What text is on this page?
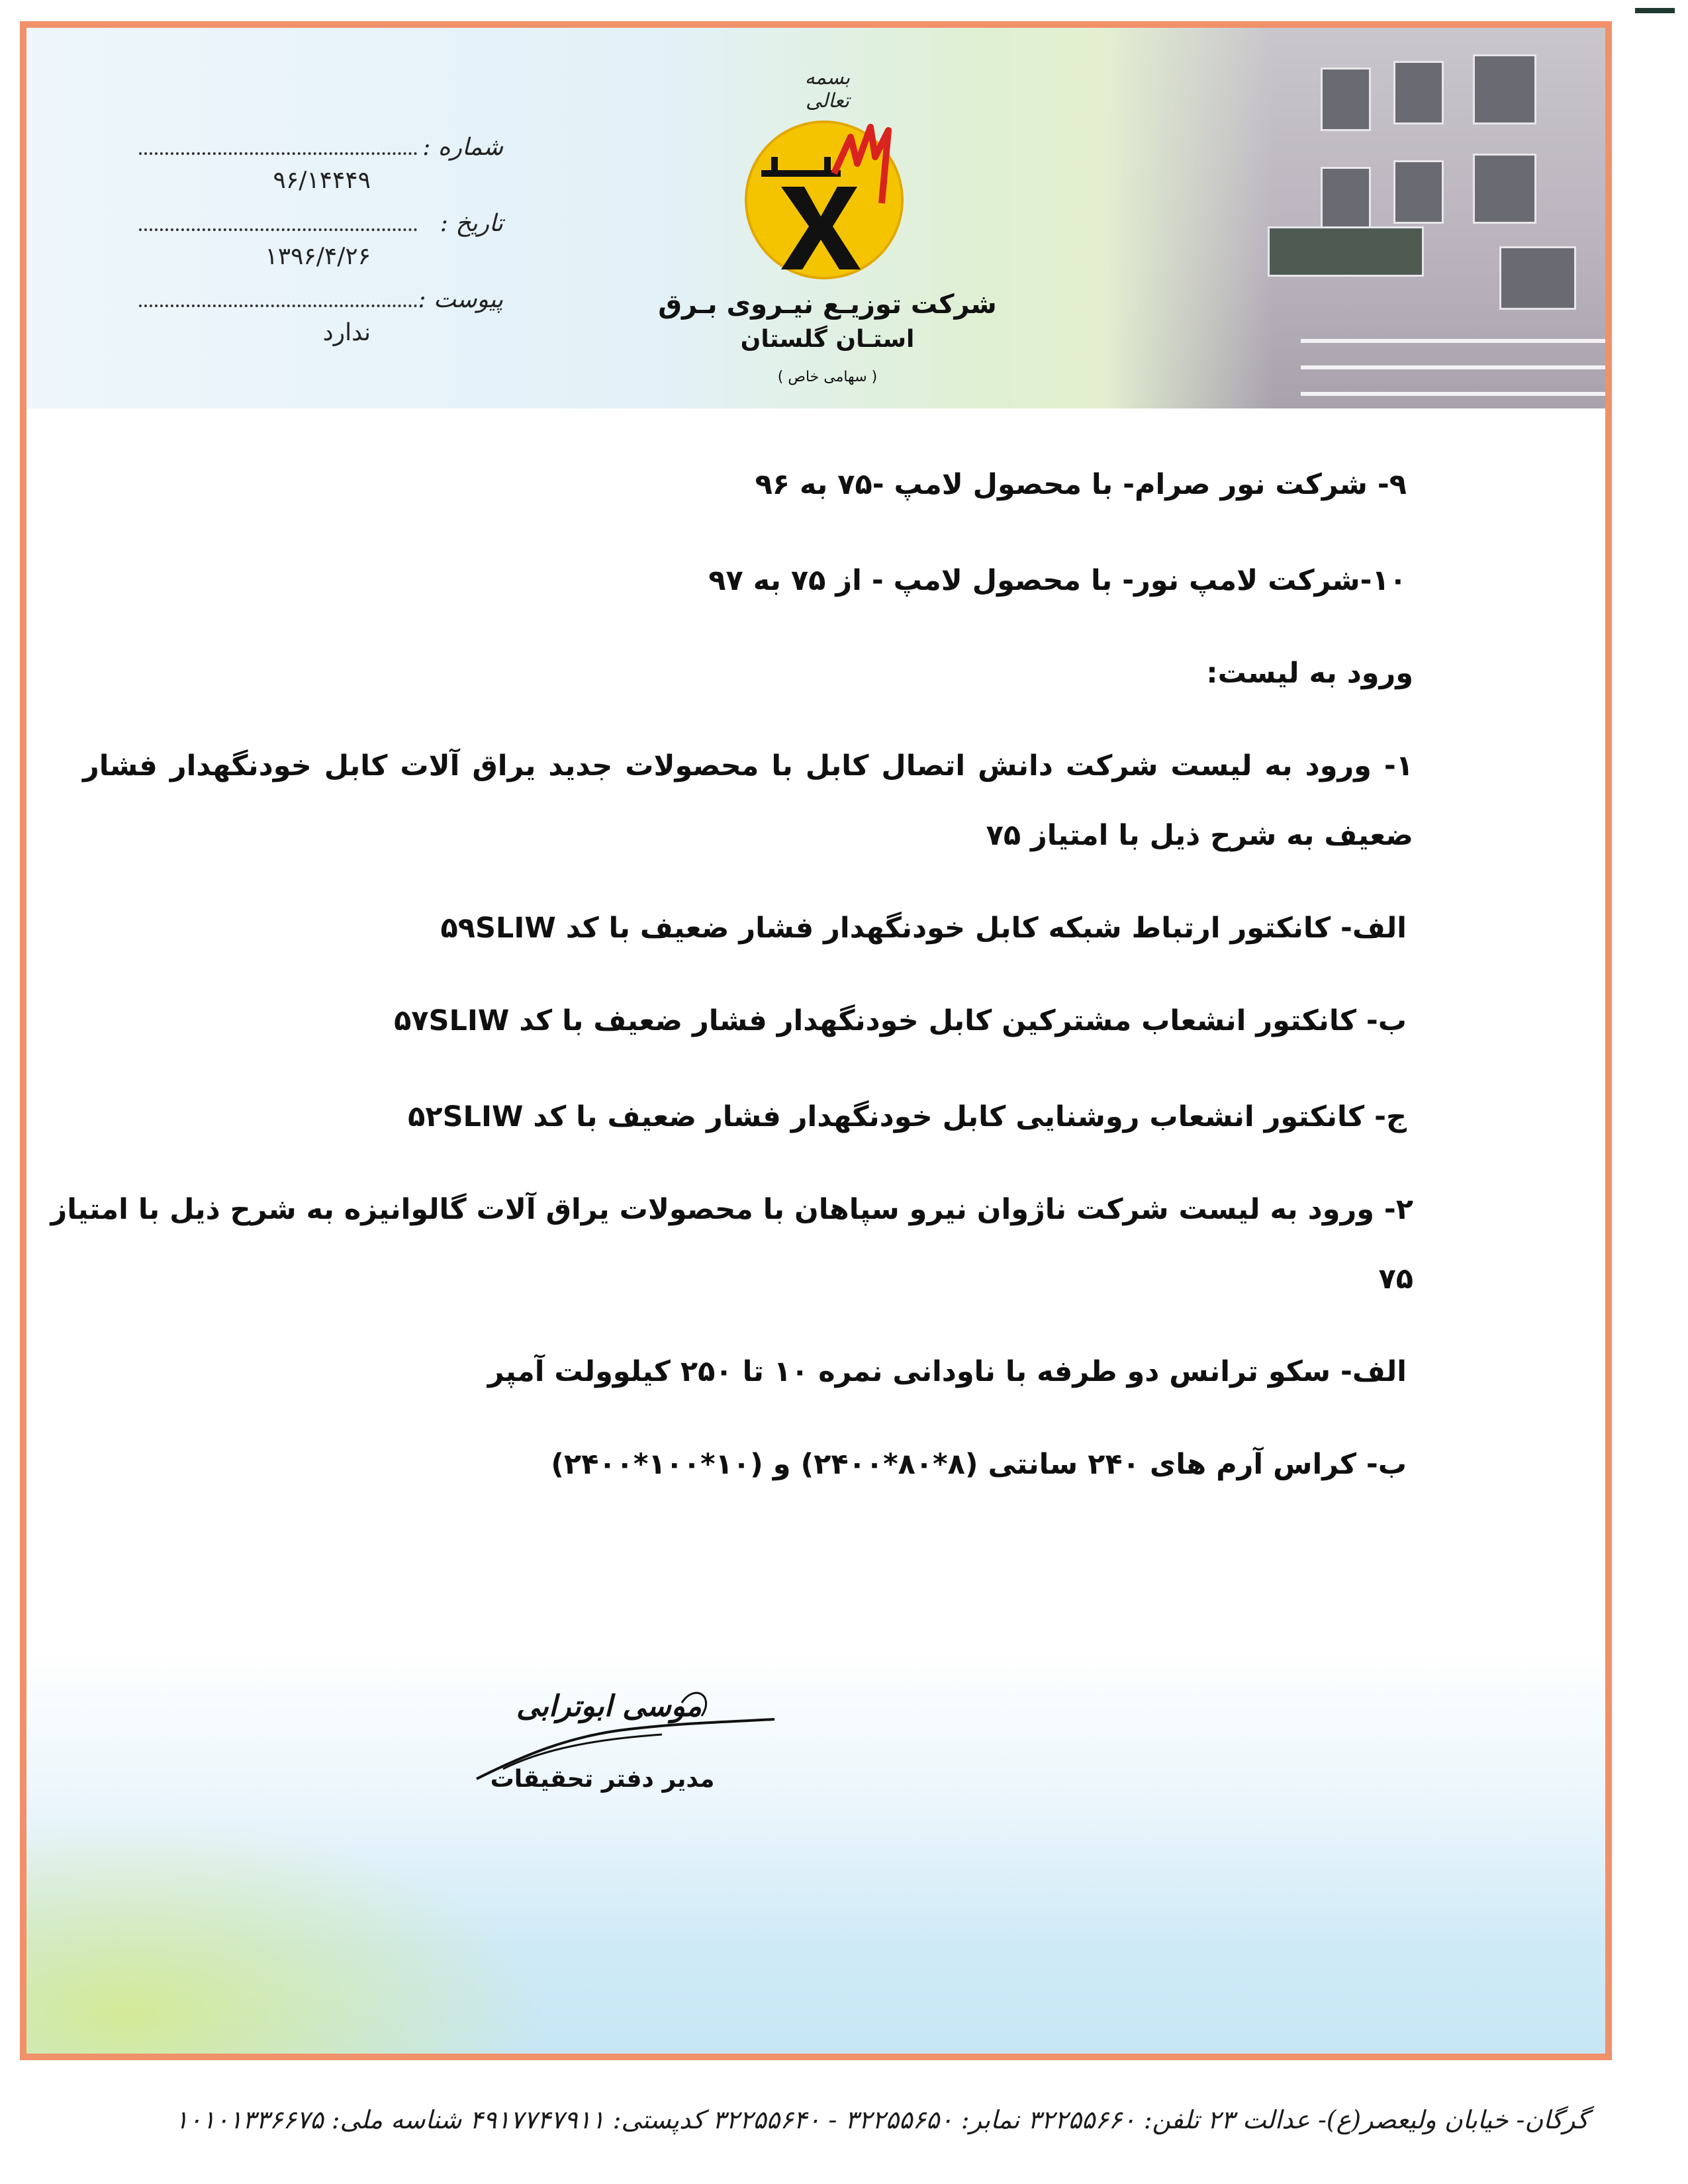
بسمه تعالی
شرکت توزیـع نیـروی بـرق
استـان گلستان
( سهامی خاص )
شماره :
۹۶/۱۴۴۴۹
تاریخ :
۱۳۹۶/۴/۲۶
پیوست :
ندارد
۹- شرکت نور صرام- با محصول لامپ -۷۵ به ۹۶
۱۰-شرکت لامپ نور- با محصول لامپ - از ۷۵ به ۹۷
ورود به لیست:
۱- ورود به لیست شرکت دانش اتصال کابل با محصولات جدید یراق آلات کابل خودنگهدار فشار
ضعیف به شرح ذیل با امتیاز ۷۵
الف- کانکتور ارتباط شبکه کابل خودنگهدار فشار ضعیف با کد ۵۹SLIW
ب- کانکتور انشعاب مشترکین کابل خودنگهدار فشار ضعیف با کد ۵۷SLIW
ج- کانکتور انشعاب روشنایی کابل خودنگهدار فشار ضعیف با کد ۵۲SLIW
۲- ورود به لیست شرکت ناژوان نیرو سپاهان با محصولات یراق آلات گالوانیزه به شرح ذیل با امتیاز
۷۵
الف- سکو ترانس دو طرفه با ناودانی نمره ۱۰ تا ۲۵۰ کیلوولت آمپر
ب- کراس آرم های ۲۴۰ سانتی (۸*۸۰*۲۴۰۰) و (۱۰*۱۰۰*۲۴۰۰)
موسی ابوترابی
مدیر دفتر تحقیقات
گرگان- خیابان ولیعصر(ع)- عدالت ۲۳ تلفن: ۳۲۲۵۵۶۶۰ نمابر: ۳۲۲۵۵۶۵۰ - ۳۲۲۵۵۶۴۰ کدپستی: ۴۹۱۷۷۴۷۹۱۱ شناسه ملی: ۱۰۱۰۱۳۳۶۶۷۵
